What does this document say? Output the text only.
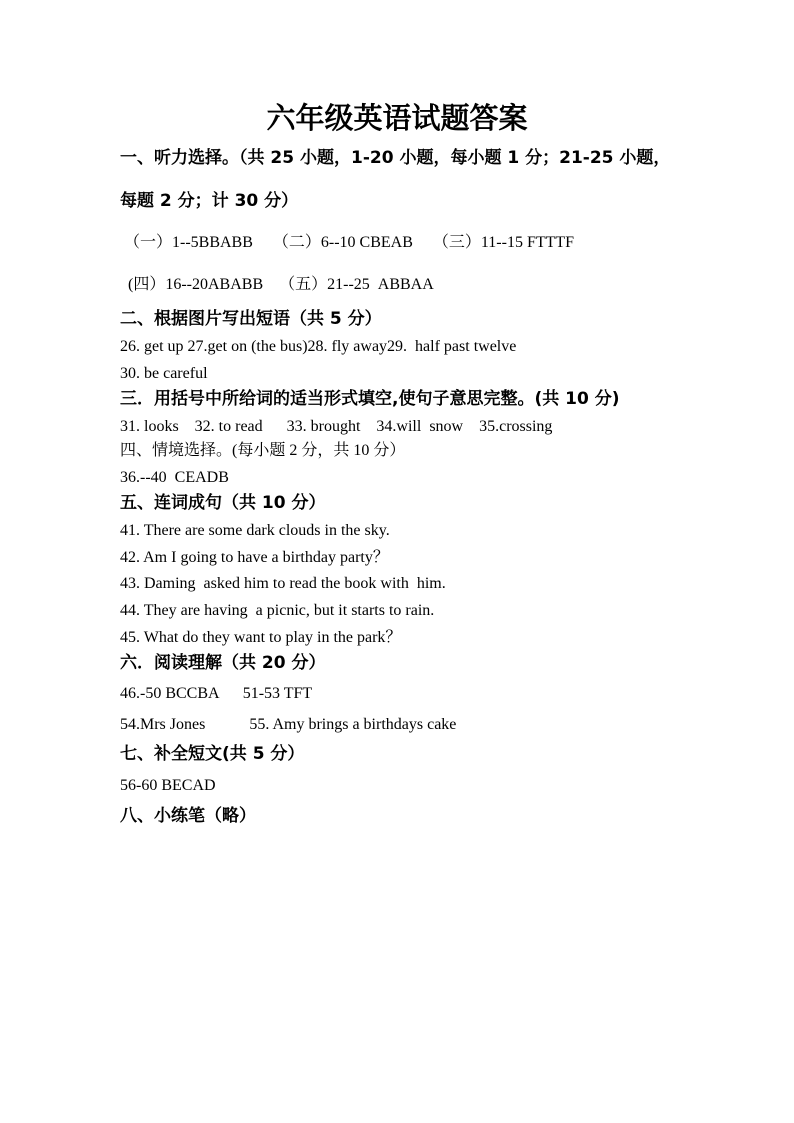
六年级英语试题答案
一、听力选择。（共 25 小题，1-20 小题，每小题 1 分；21-25 小题，
每题 2 分；计 30 分）
（一）1--5BBABB     （二）6--10 CBEAB     （三）11--15 FTTTF
(四）16--20ABABB    （五）21--25  ABBAA
二、根据图片写出短语（共 5 分）
26. get up 27.get on (the bus)28. fly away29.  half past twelve
30. be careful
三．用括号中所给词的适当形式填空,使句子意思完整。(共 10 分)
31. looks    32. to read      33. brought    34.will  snow    35.crossing
四、情境选择。(每小题 2 分，共 10 分）
36.--40  CEADB
五、连词成句（共 10 分）
41. There are some dark clouds in the sky.
42. Am I going to have a birthday party？
43. Daming  asked him to read the book with  him.
44. They are having  a picnic, but it starts to rain.
45. What do they want to play in the park？
六．阅读理解（共 20 分）
46.-50 BCCBA      51-53 TFT
54.Mrs Jones           55. Amy brings a birthdays cake
七、补全短文(共 5 分）
56-60 BECAD
八、小练笔（略）
